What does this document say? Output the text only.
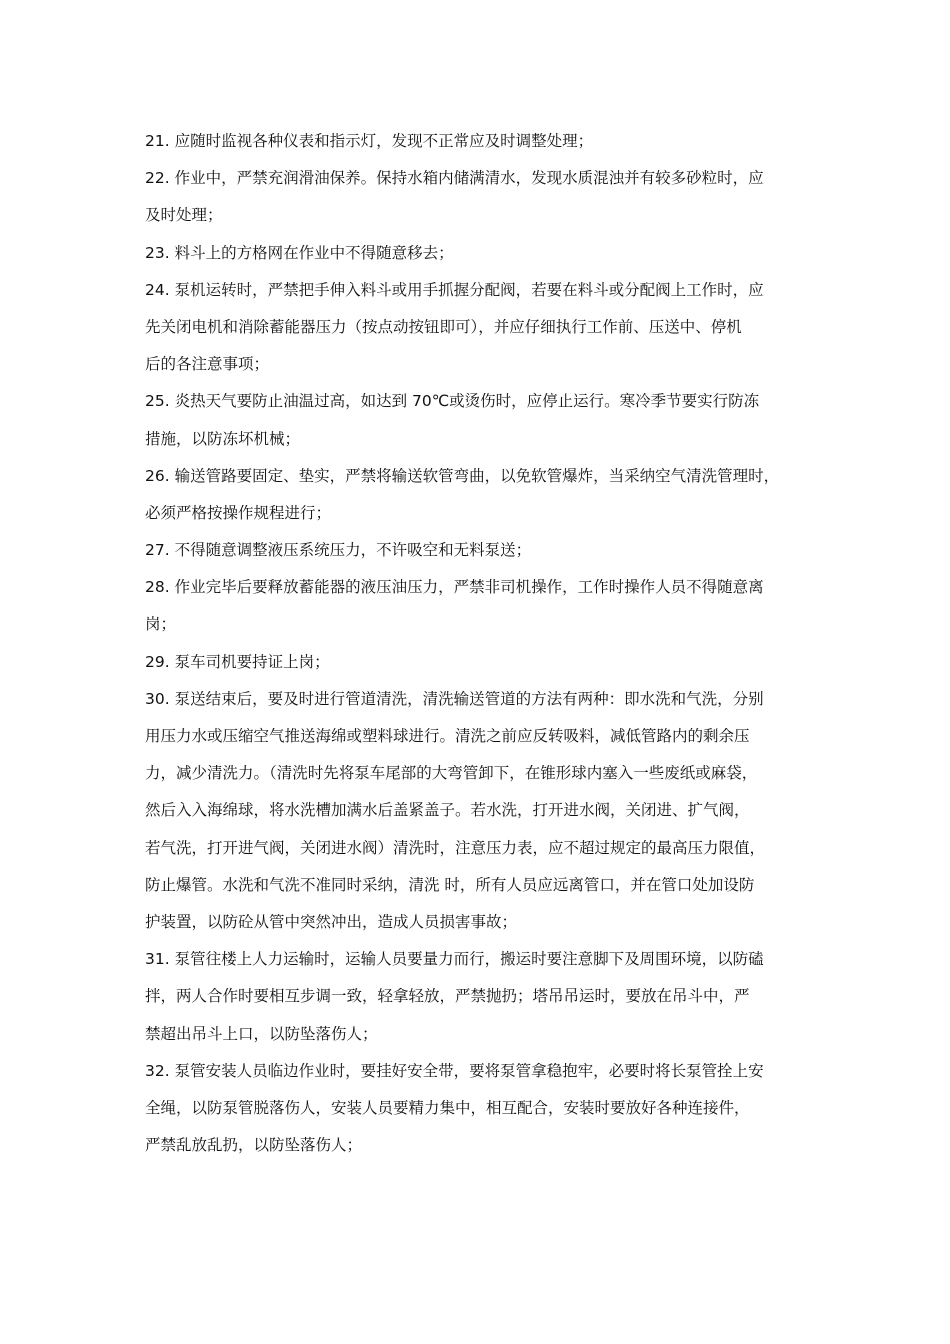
21. 应随时监视各种仪表和指示灯，发现不正常应及时调整处理；
22. 作业中，严禁充润滑油保养。保持水箱内储满清水，发现水质混浊并有较多砂粒时，应
及时处理；
23. 料斗上的方格网在作业中不得随意移去；
24. 泵机运转时，严禁把手伸入料斗或用手抓握分配阀，若要在料斗或分配阀上工作时，应
先关闭电机和消除蓄能器压力（按点动按钮即可），并应仔细执行工作前、压送中、停机
后的各注意事项；
25. 炎热天气要防止油温过高，如达到 70℃或烫伤时，应停止运行。寒冷季节要实行防冻
措施，以防冻坏机械；
26. 输送管路要固定、垫实，严禁将输送软管弯曲，以免软管爆炸，当采纳空气清洗管理时，
必须严格按操作规程进行；
27. 不得随意调整液压系统压力，不许吸空和无料泵送；
28. 作业完毕后要释放蓄能器的液压油压力，严禁非司机操作，工作时操作人员不得随意离
岗；
29. 泵车司机要持证上岗；
30. 泵送结束后，要及时进行管道清洗，清洗输送管道的方法有两种：即水洗和气洗，分别
用压力水或压缩空气推送海绵或塑料球进行。清洗之前应反转吸料，减低管路内的剩余压
力，减少清洗力。（清洗时先将泵车尾部的大弯管卸下，在锥形球内塞入一些废纸或麻袋，
然后入入海绵球，将水洗槽加满水后盖紧盖子。若水洗，打开进水阀，关闭进、扩气阀，
若气洗，打开进气阀，关闭进水阀）清洗时，注意压力表，应不超过规定的最高压力限值，
防止爆管。水洗和气洗不准同时采纳，清洗 时，所有人员应远离管口，并在管口处加设防
护装置，以防砼从管中突然冲出，造成人员损害事故；
31. 泵管往楼上人力运输时，运输人员要量力而行，搬运时要注意脚下及周围环境，以防磕
拌，两人合作时要相互步调一致，轻拿轻放，严禁抛扔；塔吊吊运时，要放在吊斗中，严
禁超出吊斗上口，以防坠落伤人；
32. 泵管安装人员临边作业时，要挂好安全带，要将泵管拿稳抱牢，必要时将长泵管拴上安
全绳，以防泵管脱落伤人，安装人员要精力集中，相互配合，安装时要放好各种连接件，
严禁乱放乱扔，以防坠落伤人；
